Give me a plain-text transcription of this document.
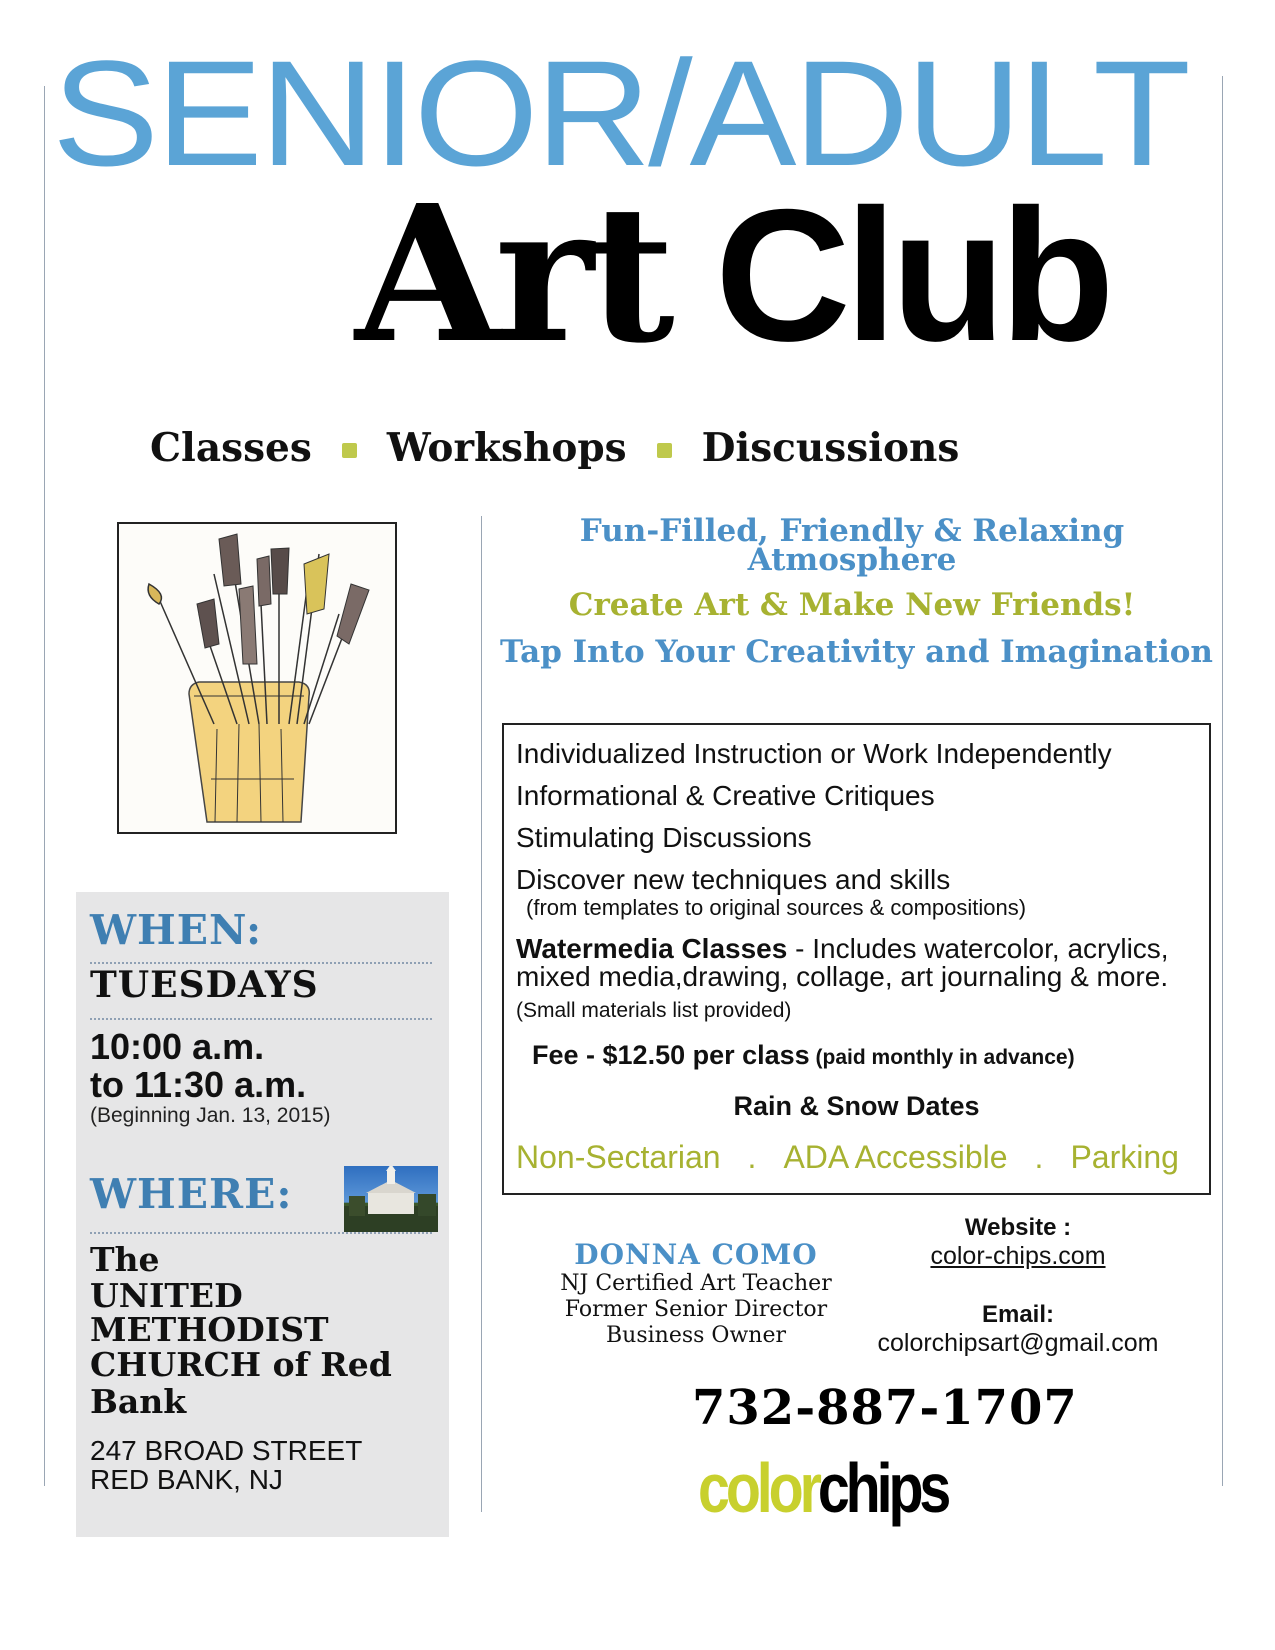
SENIOR/ADULT
Art Club
Classes Workshops Discussions
WHEN:
TUESDAYS
10:00 a.m.
to 11:30 a.m.
(Beginning Jan. 13, 2015)
WHERE:
The
UNITED
METHODIST
CHURCH of Red
Bank
247 BROAD STREET
RED BANK, NJ
Fun-Filled, Friendly & Relaxing
Atmosphere
Create Art & Make New Friends!
Tap Into Your Creativity and Imagination
Individualized Instruction or Work Independently
Informational & Creative Critiques
Stimulating Discussions
Discover new techniques and skills
(from templates to original sources & compositions)
Watermedia Classes - Includes watercolor, acrylics, mixed media,drawing, collage, art journaling & more. (Small materials list provided)
Fee - $12.50 per class (paid monthly in advance)
Rain & Snow Dates
Non-Sectarian . ADA Accessible . Parking
DONNA COMO
NJ Certified Art Teacher
Former Senior Director
Business Owner
Website :
color-chips.com
Email:
colorchipsart@gmail.com
732-887-1707
colorchips
